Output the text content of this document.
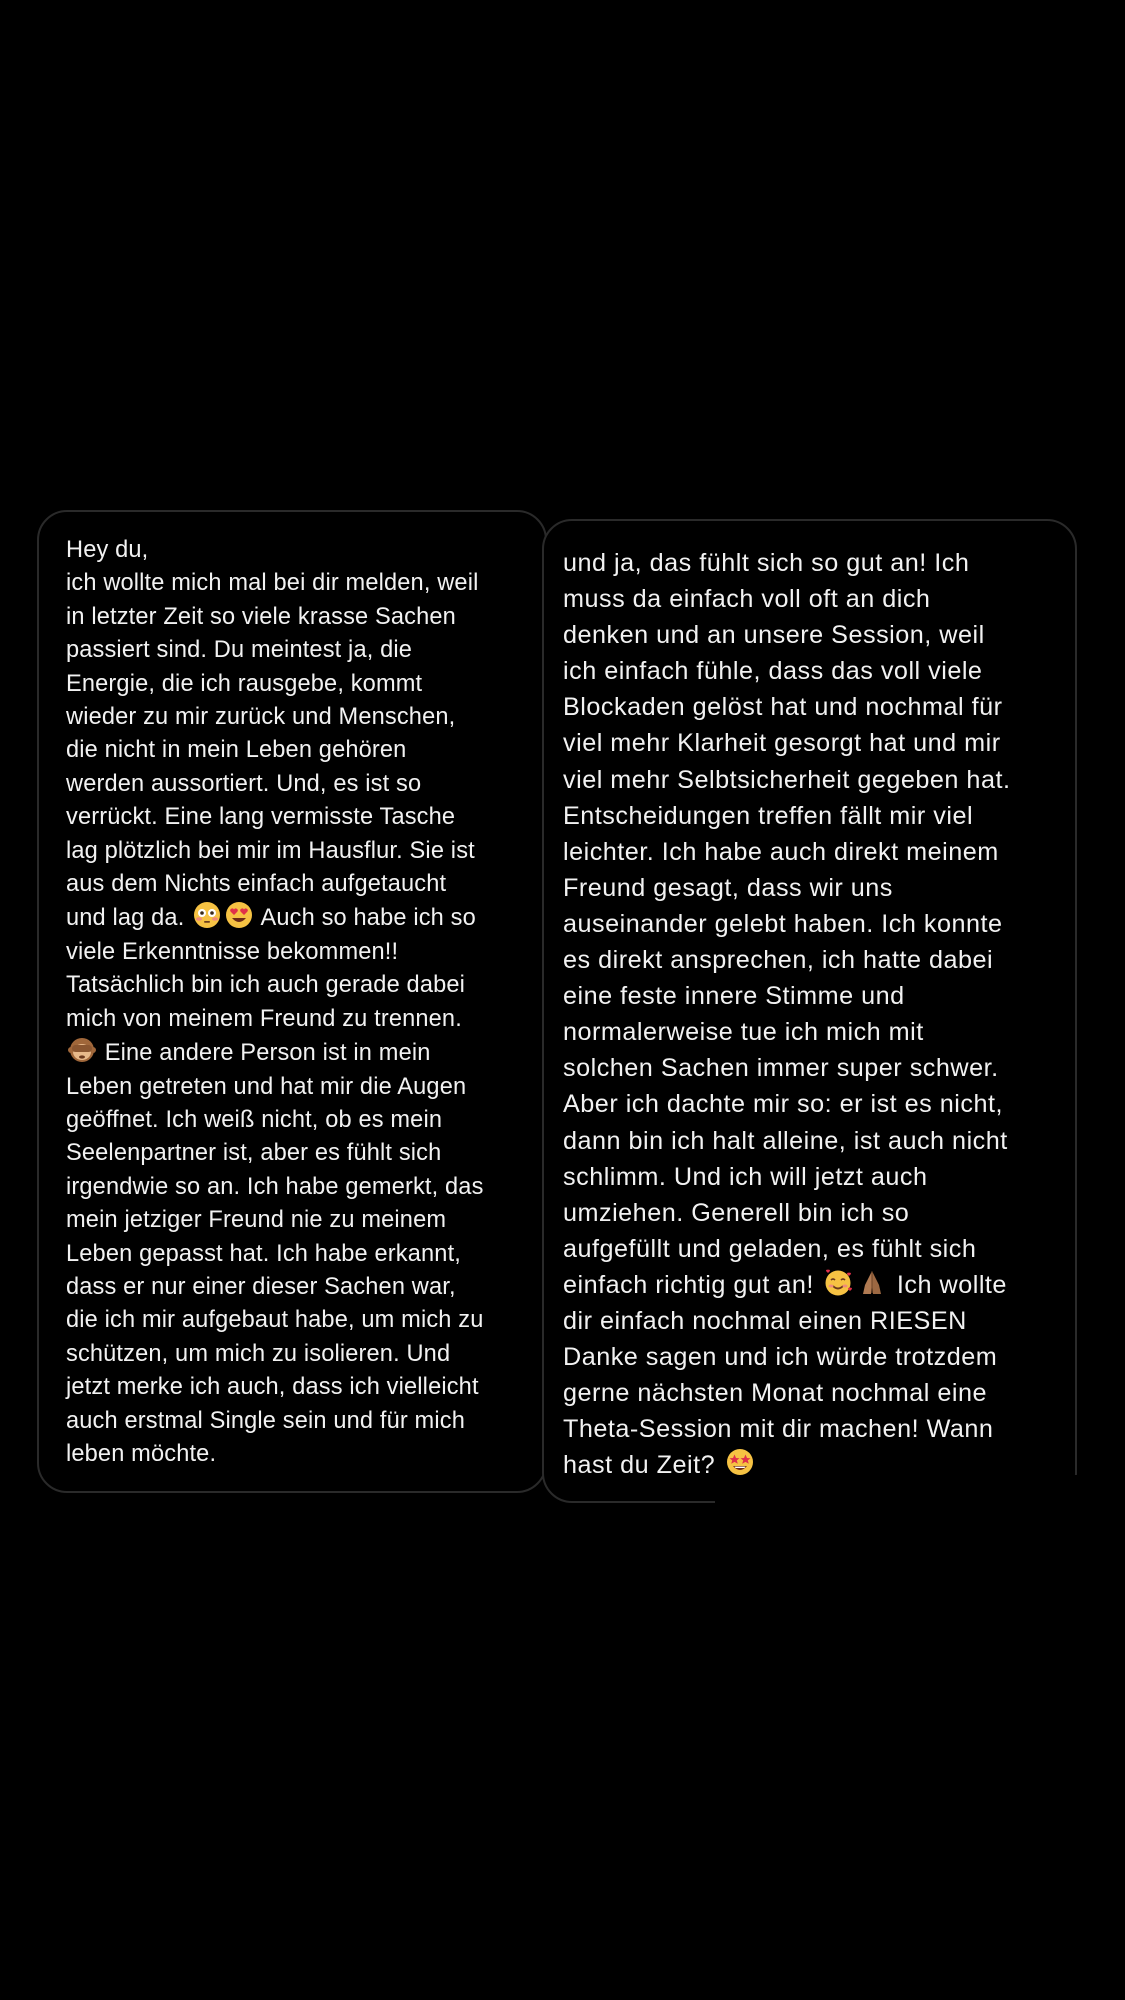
Hey du,
ich wollte mich mal bei dir melden, weil
in letzter Zeit so viele krasse Sachen
passiert sind. Du meintest ja, die
Energie, die ich rausgebe, kommt
wieder zu mir zurück und Menschen,
die nicht in mein Leben gehören
werden aussortiert. Und, es ist so
verrückt. Eine lang vermisste Tasche
lag plötzlich bei mir im Hausflur. Sie ist
aus dem Nichts einfach aufgetaucht
und lag da.	Auch so habe ich so
viele Erkenntnisse bekommen!!
Tatsächlich bin ich auch gerade dabei
mich von meinem Freund zu trennen.

Eine andere Person ist in mein
Leben getreten und hat mir die Augen
geöffnet. Ich weiß nicht, ob es mein
Seelenpartner ist, aber es fühlt sich
irgendwie so an. Ich habe gemerkt, das
mein jetziger Freund nie zu meinem
Leben gepasst hat. Ich habe erkannt,
dass er nur einer dieser Sachen war,
die ich mir aufgebaut habe, um mich zu
schützen, um mich zu isolieren. Und
jetzt merke ich auch, dass ich vielleicht
auch erstmal Single sein und für mich
leben möchte.

und ja, das fühlt sich so gut an! Ich
muss da einfach voll oft an dich
denken und an unsere Session, weil
ich einfach fühle, dass das voll viele
Blockaden gelöst hat und nochmal für
viel mehr Klarheit gesorgt hat und mir
viel mehr Selbtsicherheit gegeben hat.
Entscheidungen treffen fällt mir viel
leichter. Ich habe auch direkt meinem
Freund gesagt, dass wir uns
auseinander gelebt haben. Ich konnte
es direkt ansprechen, ich hatte dabei
eine feste innere Stimme und
normalerweise tue ich mich mit
solchen Sachen immer super schwer.
Aber ich dachte mir so: er ist es nicht,
dann bin ich halt alleine, ist auch nicht
schlimm. Und ich will jetzt auch
umziehen. Generell bin ich so
aufgefüllt und geladen, es fühlt sich
einfach richtig gut an!	Ich wollte
dir einfach nochmal einen RIESEN
Danke sagen und ich würde trotzdem
gerne nächsten Monat nochmal eine
Theta-Session mit dir machen! Wann
hast du Zeit?
